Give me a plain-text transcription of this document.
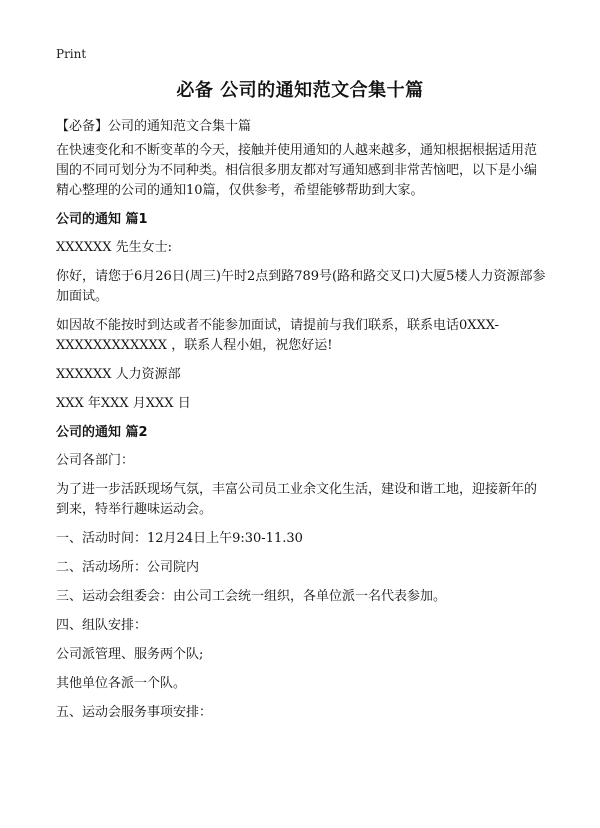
Print
必备 公司的通知范文合集十篇
【必备】公司的通知范文合集十篇
在快速变化和不断变革的今天，接触并使用通知的人越来越多，通知根据根据适用范围的不同可划分为不同种类。相信很多朋友都对写通知感到非常苦恼吧，以下是小编精心整理的公司的通知10篇，仅供参考，希望能够帮助到大家。
公司的通知 篇1
XXXXXX 先生女士:
你好，请您于6月26日(周三)午时2点到路789号(路和路交叉口)大厦5楼人力资源部参加面试。
如因故不能按时到达或者不能参加面试，请提前与我们联系，联系电话0XXX-XXXXXXXXXXXX ，联系人程小姐，祝您好运!
XXXXXX 人力资源部
XXX 年XXX 月XXX 日
公司的通知 篇2
公司各部门：
为了进一步活跃现场气氛，丰富公司员工业余文化生活，建设和谐工地，迎接新年的到来，特举行趣味运动会。
一、活动时间：12月24日上午9:30-11.30
二、活动场所：公司院内
三、运动会组委会：由公司工会统一组织，各单位派一名代表参加。
四、组队安排：
公司派管理、服务两个队;
其他单位各派一个队。
五、运动会服务事项安排：
